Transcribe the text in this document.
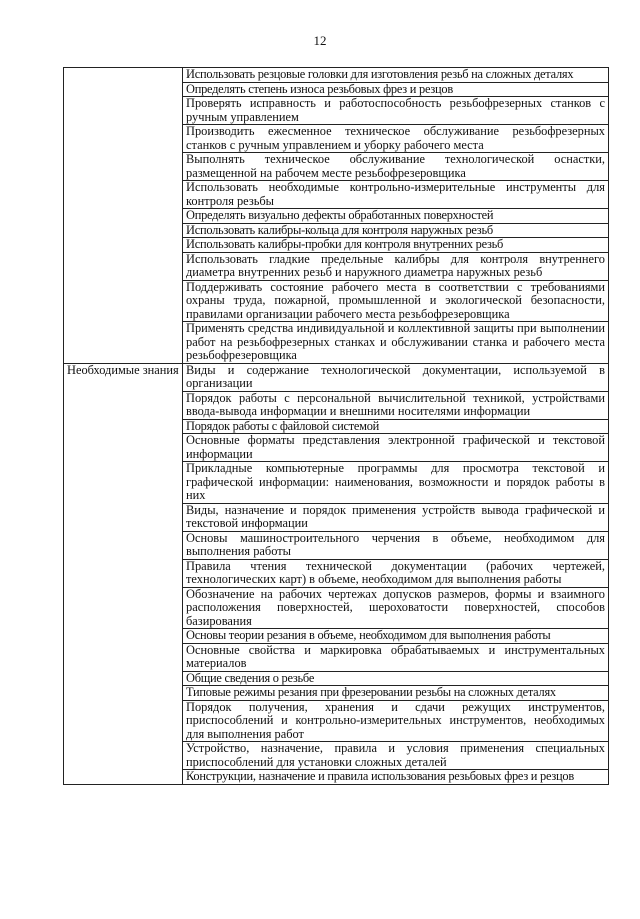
12
	Использовать резцовые головки для изготовления резьб на сложных деталях
	Определять степень износа резьбовых фрез и резцов
	Проверять исправность и работоспособность резьбофрезерных станков с ручным управлением
	Производить ежесменное техническое обслуживание резьбофрезерных станков с ручным управлением и уборку рабочего места
	Выполнять техническое обслуживание технологической оснастки, размещенной на рабочем месте резьбофрезеровщика
	Использовать необходимые контрольно-измерительные инструменты для контроля резьбы
	Определять визуально дефекты обработанных поверхностей
	Использовать калибры-кольца для контроля наружных резьб
	Использовать калибры-пробки для контроля внутренних резьб
	Использовать гладкие предельные калибры для контроля внутреннего диаметра внутренних резьб и наружного диаметра наружных резьб
	Поддерживать состояние рабочего места в соответствии с требованиями охраны труда, пожарной, промышленной и экологической безопасности, правилами организации рабочего места резьбофрезеровщика
	Применять средства индивидуальной и коллективной защиты при выполнении работ на резьбофрезерных станках и обслуживании станка и рабочего места резьбофрезеровщика
Необходимые знания	Виды и содержание технологической документации, используемой в организации
	Порядок работы с персональной вычислительной техникой, устройствами ввода-вывода информации и внешними носителями информации
	Порядок работы с файловой системой
	Основные форматы представления электронной графической и текстовой информации
	Прикладные компьютерные программы для просмотра текстовой и графической информации: наименования, возможности и порядок работы в них
	Виды, назначение и порядок применения устройств вывода графической и текстовой информации
	Основы машиностроительного черчения в объеме, необходимом для выполнения работы
	Правила чтения технической документации (рабочих чертежей, технологических карт) в объеме, необходимом для выполнения работы
	Обозначение на рабочих чертежах допусков размеров, формы и взаимного расположения поверхностей, шероховатости поверхностей, способов базирования
	Основы теории резания в объеме, необходимом для выполнения работы
	Основные свойства и маркировка обрабатываемых и инструментальных материалов
	Общие сведения о резьбе
	Типовые режимы резания при фрезеровании резьбы на сложных деталях
	Порядок получения, хранения и сдачи режущих инструментов, приспособлений и контрольно-измерительных инструментов, необходимых для выполнения работ
	Устройство, назначение, правила и условия применения специальных приспособлений для установки сложных деталей
	Конструкции, назначение и правила использования резьбовых фрез и резцов
